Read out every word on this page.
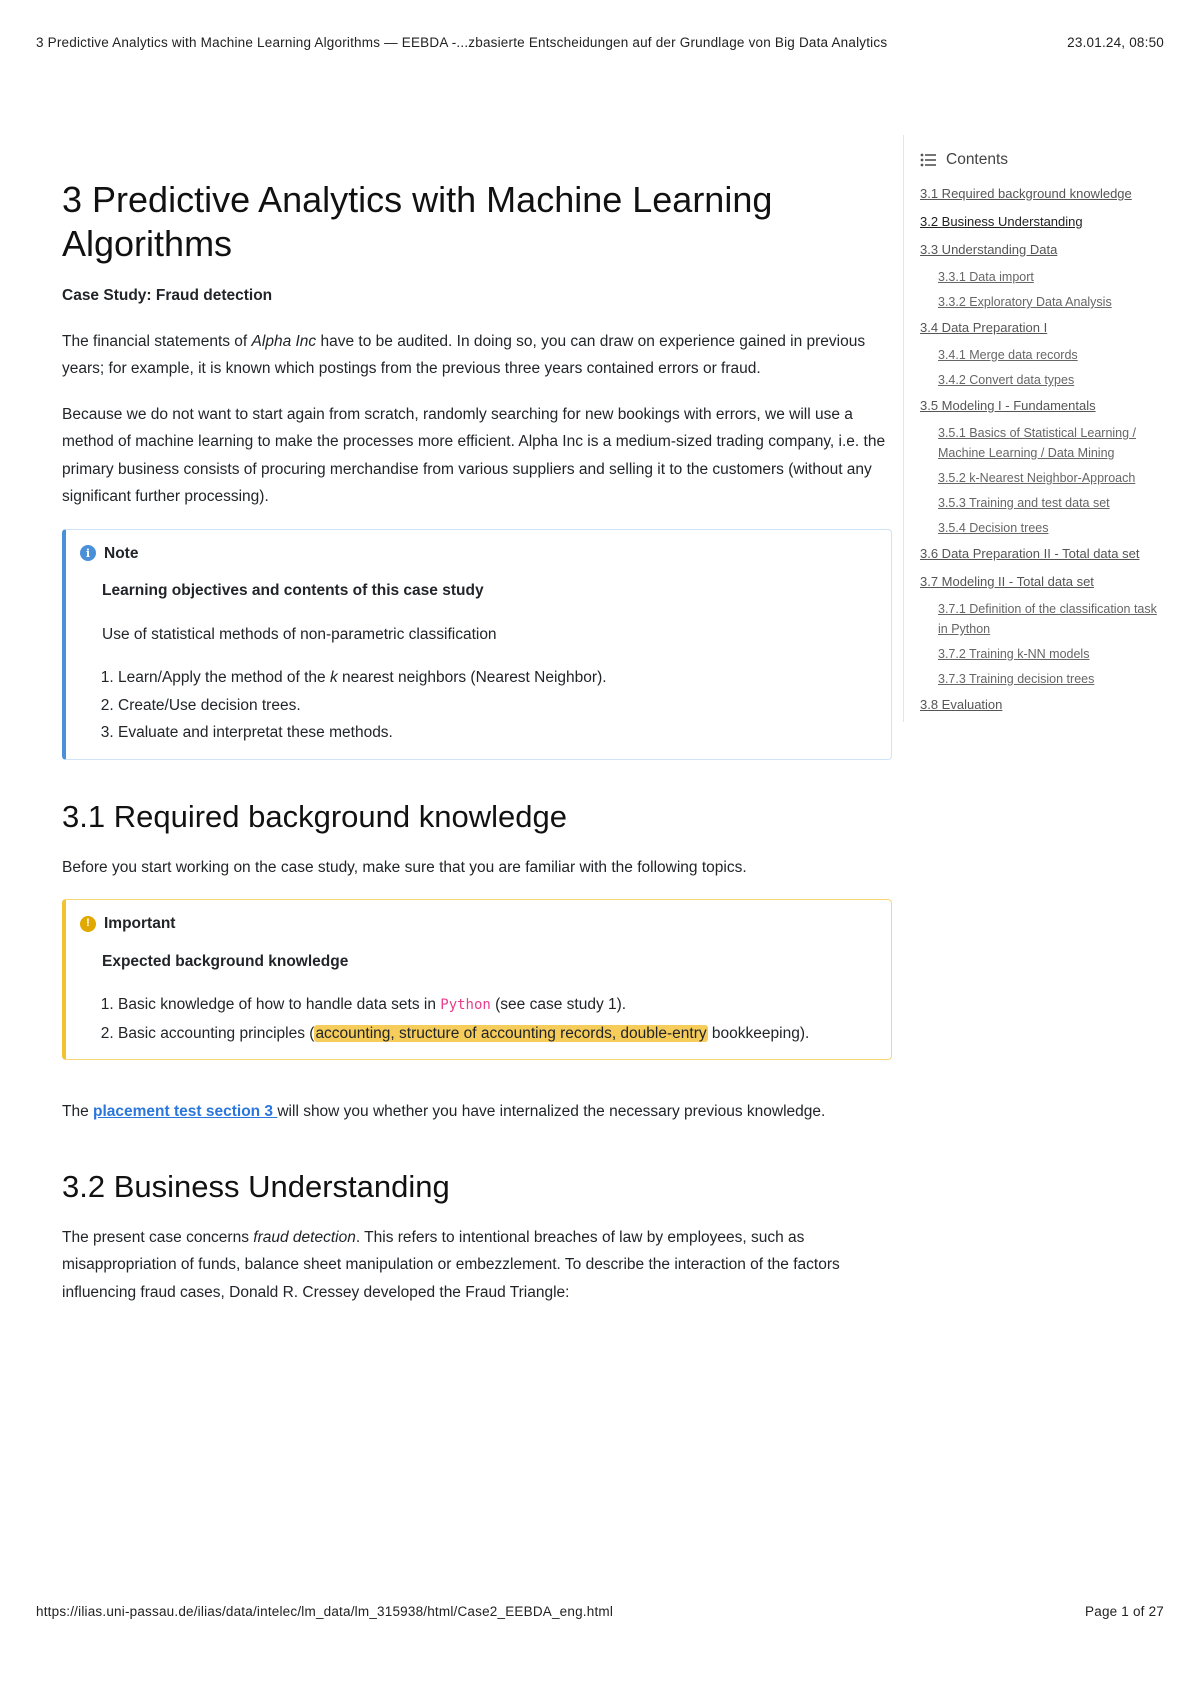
3 Predictive Analytics with Machine Learning Algorithms — EEBDA -...zbasierte Entscheidungen auf der Grundlage von Big Data Analytics	23.01.24, 08:50
3 Predictive Analytics with Machine Learning Algorithms
Case Study: Fraud detection

The financial statements of Alpha Inc have to be audited. In doing so, you can draw on experience gained in previous years; for example, it is known which postings from the previous three years contained errors or fraud.

Because we do not want to start again from scratch, randomly searching for new bookings with errors, we will use a method of machine learning to make the processes more efficient. Alpha Inc is a medium-sized trading company, i.e. the primary business consists of procuring merchandise from various suppliers and selling it to the customers (without any significant further processing).

i Note
Learning objectives and contents of this case study

Use of statistical methods of non-parametric classification

1. Learn/Apply the method of the k nearest neighbors (Nearest Neighbor).
2. Create/Use decision trees.
3. Evaluate and interpretat these methods.
3.1 Required background knowledge

Before you start working on the case study, make sure that you are familiar with the following topics.

! Important
Expected background knowledge
1. Basic knowledge of how to handle data sets in Python (see case study 1).
2. Basic accounting principles (accounting, structure of accounting records, double-entry bookkeeping).

The placement test section 3 will show you whether you have internalized the necessary previous knowledge.

3.2 Business Understanding

The present case concerns fraud detection. This refers to intentional breaches of law by employees, such as misappropriation of funds, balance sheet manipulation or embezzlement. To describe the interaction of the factors influencing fraud cases, Donald R. Cressey developed the Fraud Triangle:

Contents
3.1 Required background knowledge
3.2 Business Understanding
3.3 Understanding Data
3.3.1 Data import
3.3.2 Exploratory Data Analysis
3.4 Data Preparation I
3.4.1 Merge data records
3.4.2 Convert data types
3.5 Modeling I - Fundamentals
3.5.1 Basics of Statistical Learning / Machine Learning / Data Mining
3.5.2 k-Nearest Neighbor-Approach
3.5.3 Training and test data set
3.5.4 Decision trees
3.6 Data Preparation II - Total data set
3.7 Modeling II - Total data set
3.7.1 Definition of the classification task in Python
3.7.2 Training k-NN models
3.7.3 Training decision trees
3.8 Evaluation
https://ilias.uni-passau.de/ilias/data/intelec/lm_data/lm_315938/html/Case2_EEBDA_eng.html	Page 1 of 27
